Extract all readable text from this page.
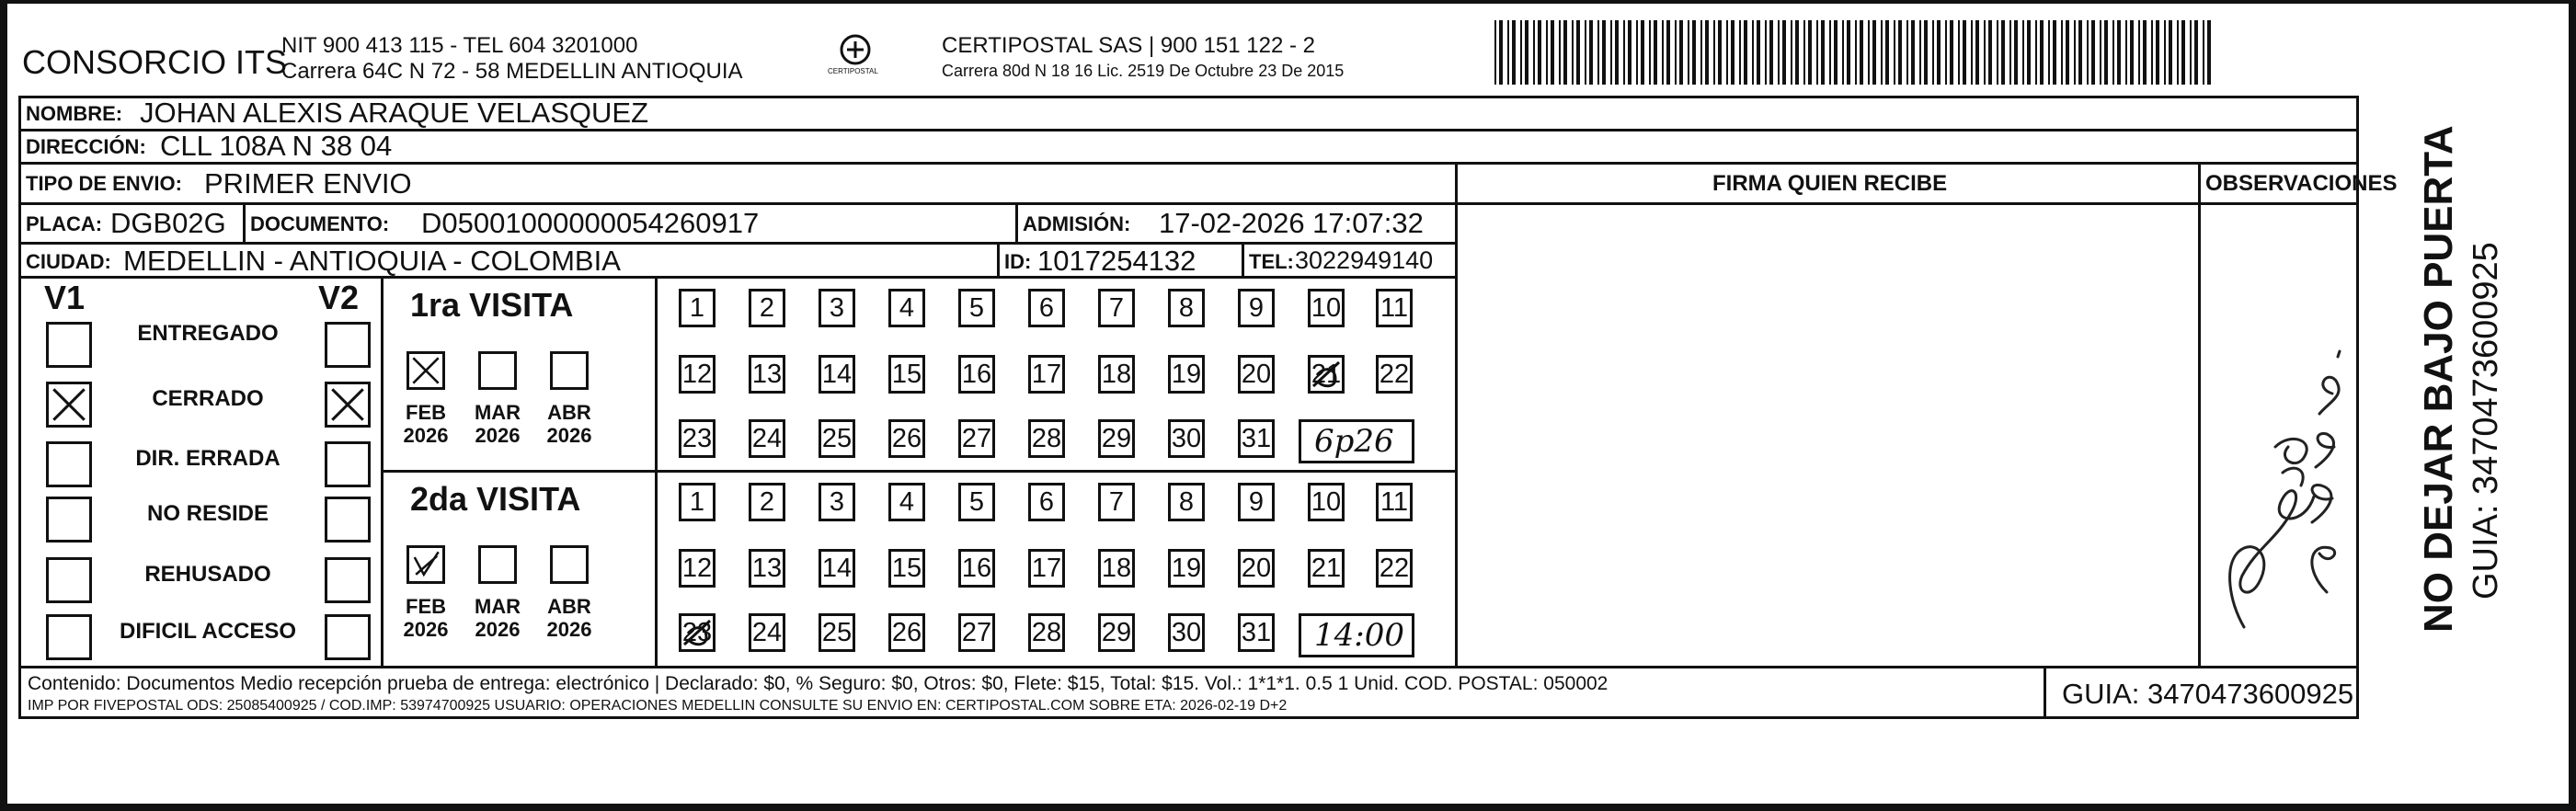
CONSORCIO ITS
NIT 900 413 115 - TEL 604 3201000
Carrera 64C N 72 - 58 MEDELLIN ANTIOQUIA	CERTIPOSTAL
CERTIPOSTAL SAS | 900 151 122 - 2
Carrera 80d N 18 16 Lic. 2519 De Octubre 23 De 2015
NOMBRE: JOHAN ALEXIS ARAQUE VELASQUEZ
DIRECCIÓN: CLL 108A N 38 04
TIPO DE ENVIO: PRIMER ENVIO
PLACA: DGB02G DOCUMENTO: D05001000000054260917	ADMISIÓN: 17-02-2026 17:07:32
CIUDAD: MEDELLIN - ANTIOQUIA - COLOMBIA	ID: 1017254132	TEL: 3022949140
FIRMA QUIEN RECIBE	OBSERVACIONES NO DEJAR BAJO PUERTA GUIA: 3470473600925
V1	V2
ENTREGADO
CERRADO
DIR. ERRADA
NO RESIDE
REHUSADO
DIFICIL ACCESO
1ra VISITA
FEB
2026
MAR
2026
ABR
2026
1	2	3	4	5	6	7	8	9	10 11
12 13 14 15 16 17 18 19 20 21 22
23 24 25 26 27 28 29 30 31 6p26
2da VISITA
FEB
2026
MAR
2026
ABR
2026
1	2	3	4	5	6	7	8	9	10 11
12 13 14 15 16 17 18 19 20 21 22
23 24 25 26 27 28 29 30 31 14:00
Contenido: Documentos Medio recepción prueba de entrega: electrónico | Declarado: $0, % Seguro: $0, Otros: $0, Flete: $15, Total: $15. Vol.: 1*1*1. 0.5 1 Unid. COD. POSTAL: 050002
IMP POR FIVEPOSTAL ODS: 25085400925 / COD.IMP: 53974700925 USUARIO: OPERACIONES MEDELLIN CONSULTE SU ENVIO EN: CERTIPOSTAL.COM SOBRE ETA: 2026-02-19 D+2	GUIA: 3470473600925
